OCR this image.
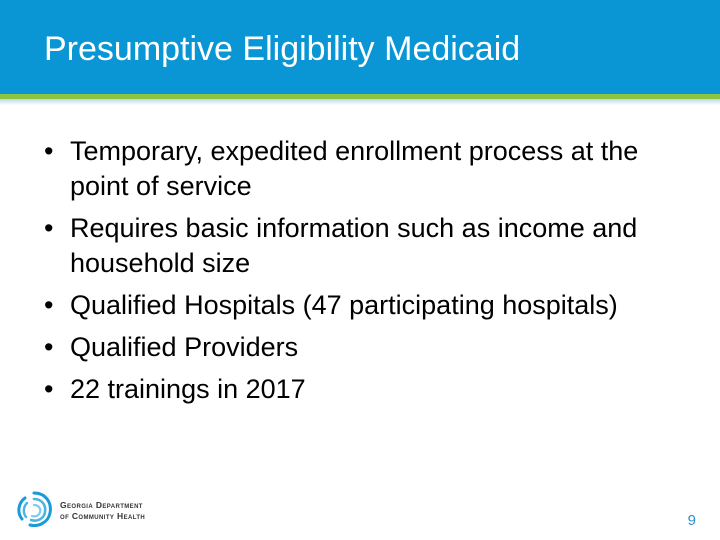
Presumptive Eligibility Medicaid
• Temporary, expedited enrollment process at the point of service
• Requires basic information such as income and household size
• Qualified Hospitals (47 participating hospitals)
• Qualified Providers
• 22 trainings in 2017
Georgia Department
of Community Health	9
